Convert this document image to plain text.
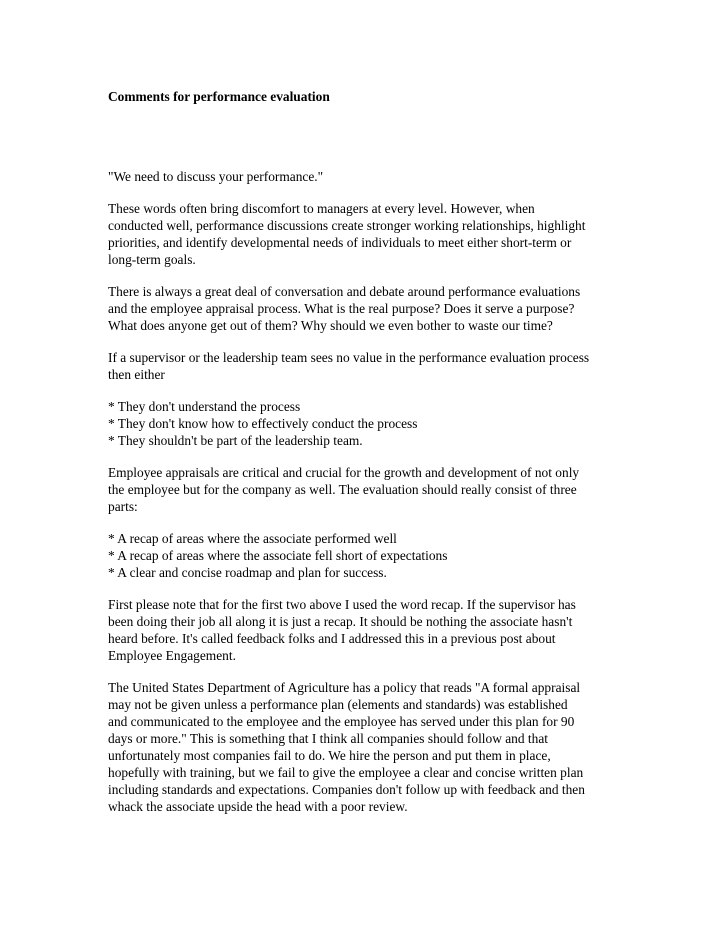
Comments for performance evaluation

"We need to discuss your performance."

These words often bring discomfort to managers at every level. However, when
conducted well, performance discussions create stronger working relationships, highlight
priorities, and identify developmental needs of individuals to meet either short-term or
long-term goals.

There is always a great deal of conversation and debate around performance evaluations
and the employee appraisal process. What is the real purpose? Does it serve a purpose?
What does anyone get out of them? Why should we even bother to waste our time?

If a supervisor or the leadership team sees no value in the performance evaluation process
then either

* They don't understand the process
* They don't know how to effectively conduct the process
* They shouldn't be part of the leadership team.

Employee appraisals are critical and crucial for the growth and development of not only
the employee but for the company as well. The evaluation should really consist of three
parts:

* A recap of areas where the associate performed well
* A recap of areas where the associate fell short of expectations
* A clear and concise roadmap and plan for success.

First please note that for the first two above I used the word recap. If the supervisor has
been doing their job all along it is just a recap. It should be nothing the associate hasn't
heard before. It's called feedback folks and I addressed this in a previous post about
Employee Engagement.

The United States Department of Agriculture has a policy that reads "A formal appraisal
may not be given unless a performance plan (elements and standards) was established
and communicated to the employee and the employee has served under this plan for 90
days or more." This is something that I think all companies should follow and that
unfortunately most companies fail to do. We hire the person and put them in place,
hopefully with training, but we fail to give the employee a clear and concise written plan
including standards and expectations. Companies don't follow up with feedback and then
whack the associate upside the head with a poor review.
